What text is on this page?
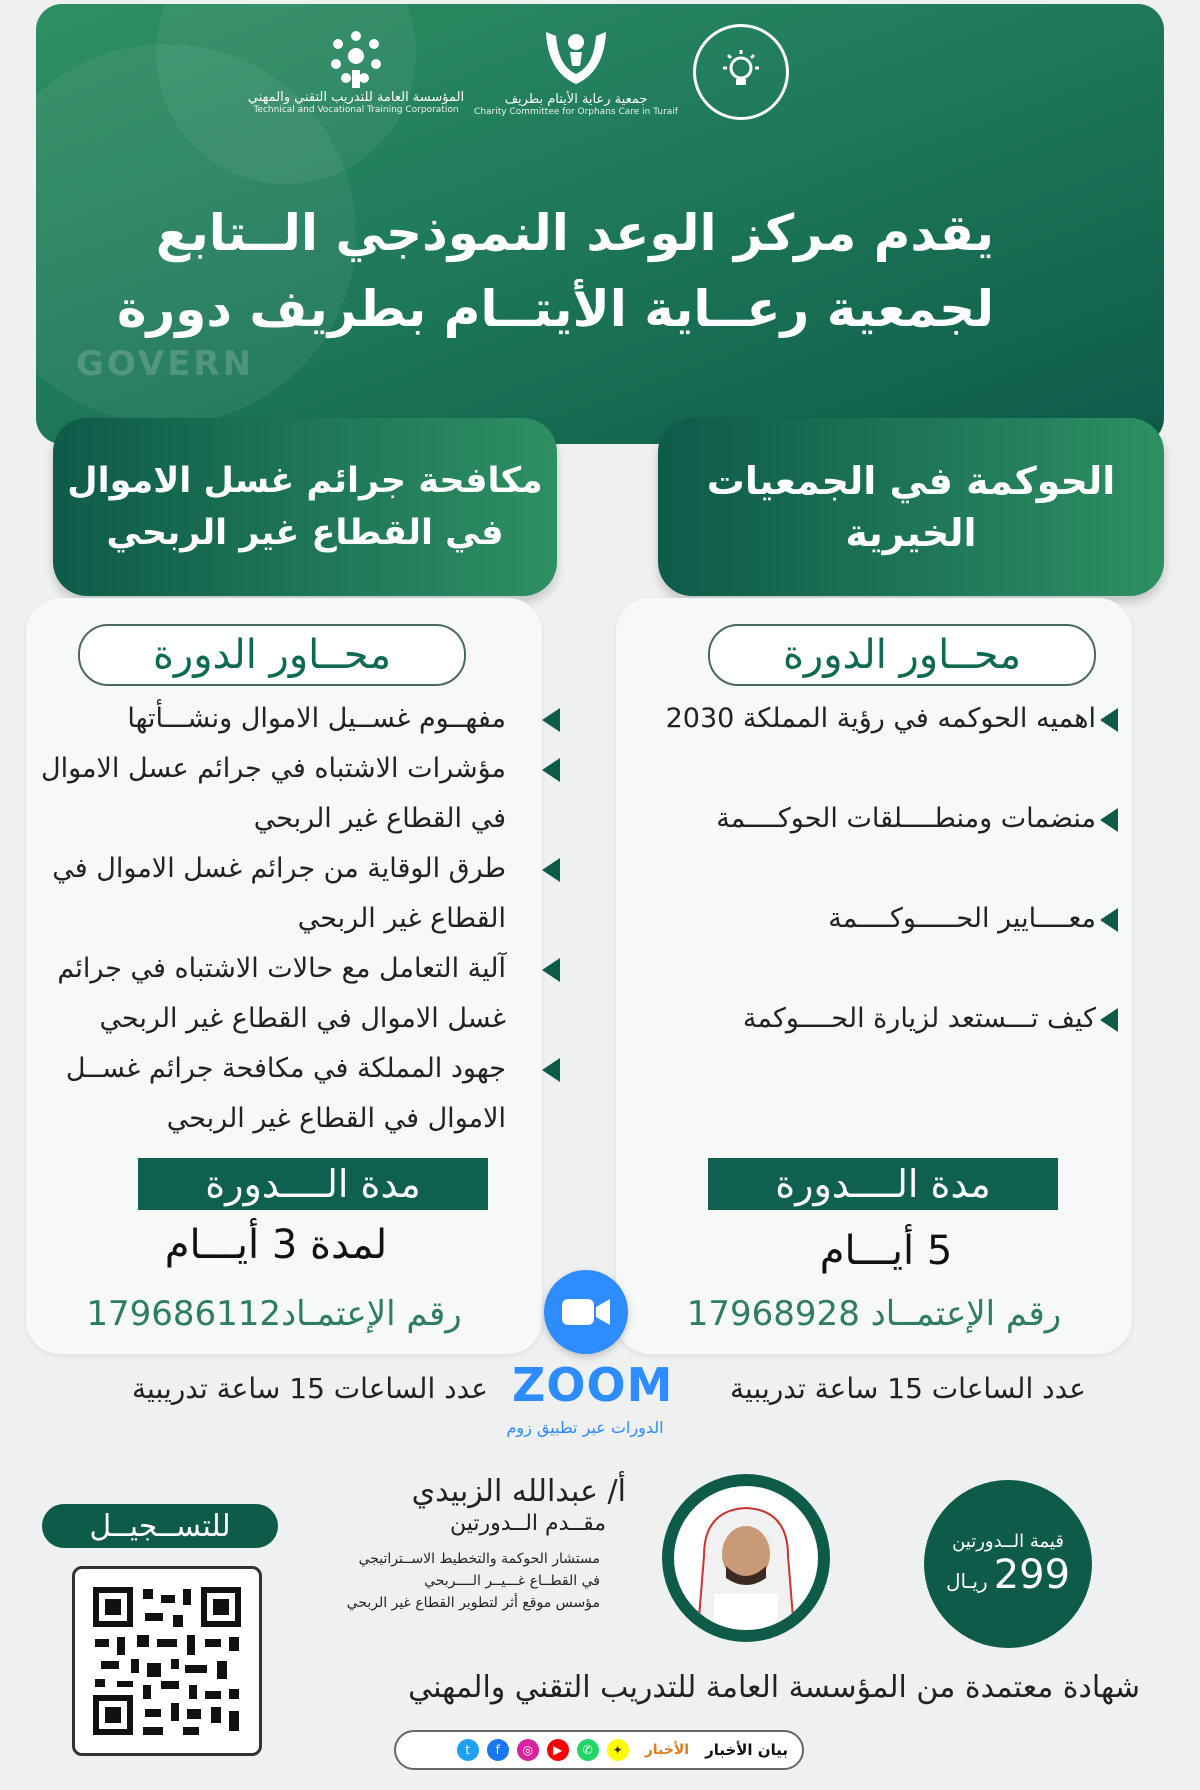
GOVERN
جمعية رعاية الأيتام بطريف
Charity Committee for Orphans Care in Turaif
المؤسسة العامة للتدريب التقني والمهني
Technical and Vocational Training Corporation
يقدم مركز الوعد النموذجي الــتابع
لجمعية رعــاية الأيتــام بطريف دورة
الحوكمة في الجمعيات
الخيرية
مكافحة جرائم غسل الاموال
في القطاع غير الربحي
محــاور الدورة
اهميه الحوكمه في رؤية المملكة 2030
منضمات ومنطــــلقات الحوكــــمة
معــــايير الحـــــوكــــمة
كيف تـــستعد لزيارة الحــــوكمة
مدة الــــدورة
5 أيـــام
رقم الإعتمــاد 17968928
محــاور الدورة
مفهــوم غســيل الاموال ونشـــأتها
مؤشرات الاشتباه في جرائم عسل الاموال
في القطاع غير الربحي
طرق الوقاية من جرائم غسل الاموال في
القطاع غير الربحي
آلية التعامل مع حالات الاشتباه في جرائم
غسل الاموال في القطاع غير الربحي
جهود المملكة في مكافحة جرائم غســل
الاموال في القطاع غير الربحي
مدة الــــدورة
لمدة 3 أيـــام
رقم الإعتمـاد179686112
ZOOM
الدورات عبر تطبيق زوم
عدد الساعات 15 ساعة تدريبية
عدد الساعات 15 ساعة تدريبية
قيمة الــدورتين
299
ريـال
أ/ عبدالله الزبيدي
مقــدم الــدورتين
مستشار الحوكمة والتخطيط الاســتراتيجي
في القطــاع غـــيــر الــــربحي
مؤسس موقع أثر لتطوير القطاع غير الربحي
للتســجيــل
شهادة معتمدة من المؤسسة العامة للتدريب التقني والمهني
t	f	◎	▶	✆	✦	الأخبار بيان الأخبار
